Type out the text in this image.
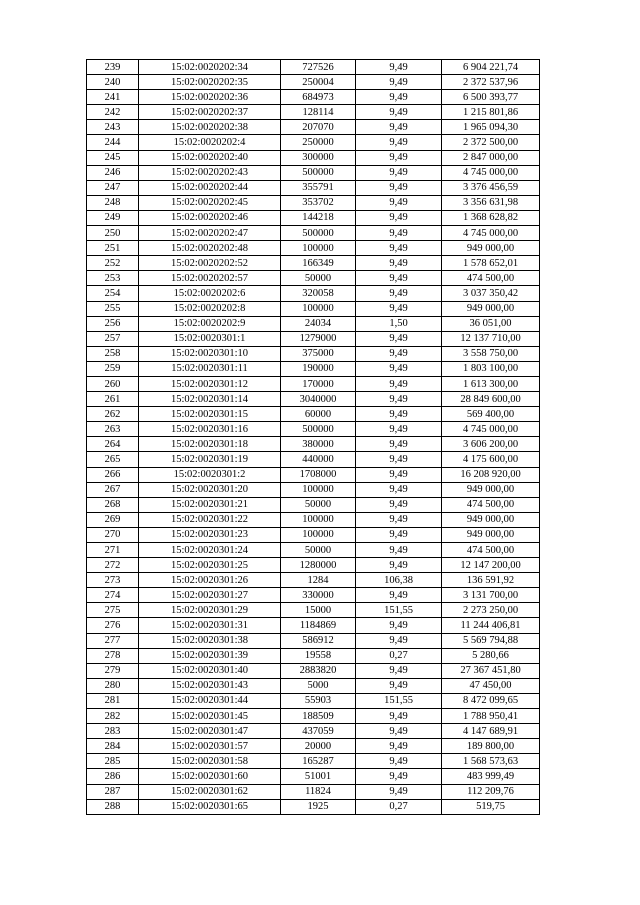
239	15:02:0020202:34	727526	9,49	6 904 221,74
240	15:02:0020202:35	250004	9,49	2 372 537,96
241	15:02:0020202:36	684973	9,49	6 500 393,77
242	15:02:0020202:37	128114	9,49	1 215 801,86
243	15:02:0020202:38	207070	9,49	1 965 094,30
244	15:02:0020202:4	250000	9,49	2 372 500,00
245	15:02:0020202:40	300000	9,49	2 847 000,00
246	15:02:0020202:43	500000	9,49	4 745 000,00
247	15:02:0020202:44	355791	9,49	3 376 456,59
248	15:02:0020202:45	353702	9,49	3 356 631,98
249	15:02:0020202:46	144218	9,49	1 368 628,82
250	15:02:0020202:47	500000	9,49	4 745 000,00
251	15:02:0020202:48	100000	9,49	949 000,00
252	15:02:0020202:52	166349	9,49	1 578 652,01
253	15:02:0020202:57	50000	9,49	474 500,00
254	15:02:0020202:6	320058	9,49	3 037 350,42
255	15:02:0020202:8	100000	9,49	949 000,00
256	15:02:0020202:9	24034	1,50	36 051,00
257	15:02:0020301:1	1279000	9,49	12 137 710,00
258	15:02:0020301:10	375000	9,49	3 558 750,00
259	15:02:0020301:11	190000	9,49	1 803 100,00
260	15:02:0020301:12	170000	9,49	1 613 300,00
261	15:02:0020301:14	3040000	9,49	28 849 600,00
262	15:02:0020301:15	60000	9,49	569 400,00
263	15:02:0020301:16	500000	9,49	4 745 000,00
264	15:02:0020301:18	380000	9,49	3 606 200,00
265	15:02:0020301:19	440000	9,49	4 175 600,00
266	15:02:0020301:2	1708000	9,49	16 208 920,00
267	15:02:0020301:20	100000	9,49	949 000,00
268	15:02:0020301:21	50000	9,49	474 500,00
269	15:02:0020301:22	100000	9,49	949 000,00
270	15:02:0020301:23	100000	9,49	949 000,00
271	15:02:0020301:24	50000	9,49	474 500,00
272	15:02:0020301:25	1280000	9,49	12 147 200,00
273	15:02:0020301:26	1284	106,38	136 591,92
274	15:02:0020301:27	330000	9,49	3 131 700,00
275	15:02:0020301:29	15000	151,55	2 273 250,00
276	15:02:0020301:31	1184869	9,49	11 244 406,81
277	15:02:0020301:38	586912	9,49	5 569 794,88
278	15:02:0020301:39	19558	0,27	5 280,66
279	15:02:0020301:40	2883820	9,49	27 367 451,80
280	15:02:0020301:43	5000	9,49	47 450,00
281	15:02:0020301:44	55903	151,55	8 472 099,65
282	15:02:0020301:45	188509	9,49	1 788 950,41
283	15:02:0020301:47	437059	9,49	4 147 689,91
284	15:02:0020301:57	20000	9,49	189 800,00
285	15:02:0020301:58	165287	9,49	1 568 573,63
286	15:02:0020301:60	51001	9,49	483 999,49
287	15:02:0020301:62	11824	9,49	112 209,76
288	15:02:0020301:65	1925	0,27	519,75
